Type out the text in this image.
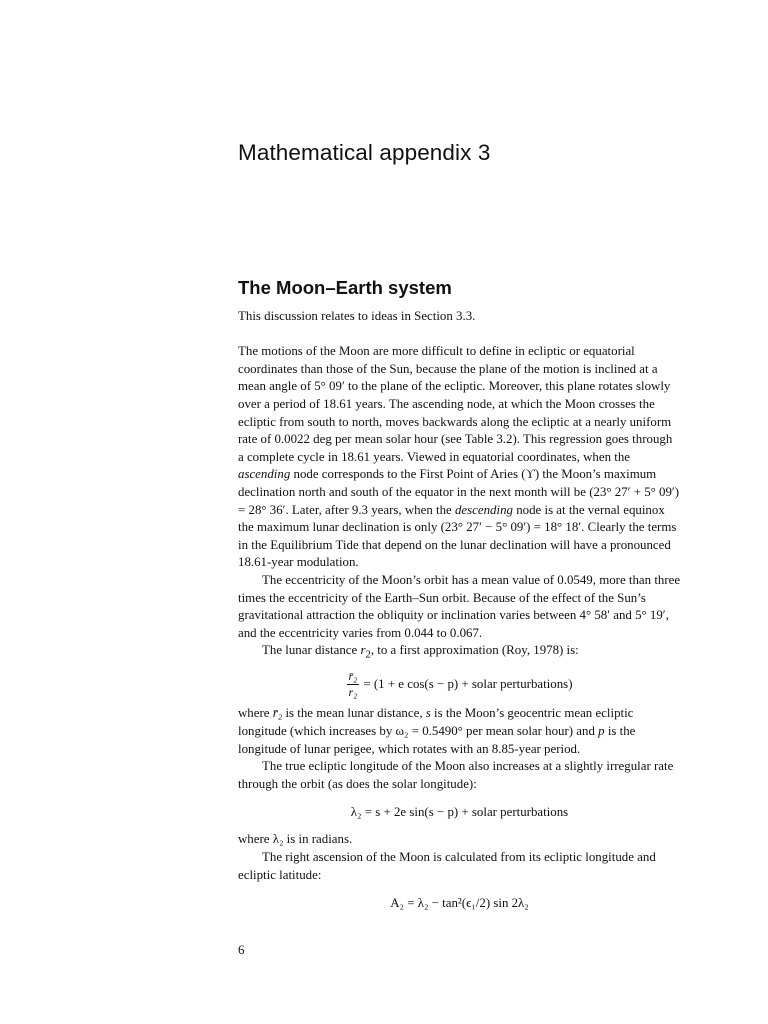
Mathematical appendix 3
The Moon–Earth system

This discussion relates to ideas in Section 3.3.

The motions of the Moon are more difficult to define in ecliptic or equatorial coordinates than those of the Sun, because the plane of the motion is inclined at a mean angle of 5° 09′ to the plane of the ecliptic. Moreover, this plane rotates slowly over a period of 18.61 years. The ascending node, at which the Moon crosses the ecliptic from south to north, moves backwards along the ecliptic at a nearly uniform rate of 0.0022 deg per mean solar hour (see Table 3.2). This regression goes through a complete cycle in 18.61 years. Viewed in equatorial coordinates, when the ascending node corresponds to the First Point of Aries (ϒ) the Moon’s maximum declination north and south of the equator in the next month will be (23° 27′ + 5° 09′) = 28° 36′. Later, after 9.3 years, when the descending node is at the vernal equinox the maximum lunar declination is only (23° 27′ − 5° 09′) = 18° 18′. Clearly the terms in the Equilibrium Tide that depend on the lunar declination will have a pronounced 18.61-year modulation.

The eccentricity of the Moon’s orbit has a mean value of 0.0549, more than three times the eccentricity of the Earth–Sun orbit. Because of the effect of the Sun’s gravitational attraction the obliquity or inclination varies between 4° 58′ and 5° 19′, and the eccentricity varies from 0.044 to 0.067.

The lunar distance $r_2$, to a first approximation (Roy, 1978) is:

$\frac{\text{r̄₂}}{\text{r₂}} = (1 + e$ cos(s − p) + solar perturbations)

where r̄₂ is the mean lunar distance, s is the Moon’s geocentric mean ecliptic longitude (which increases by ω₂ = 0.5490° per mean solar hour) and p is the longitude of lunar perigee, which rotates with an 8.85-year period.

The true ecliptic longitude of the Moon also increases at a slightly irregular rate through the orbit (as does the solar longitude):

λ₂ = s + 2e sin(s − p) + solar perturbations

where λ₂ is in radians.

The right ascension of the Moon is calculated from its ecliptic longitude and ecliptic latitude:

A₂ = λ₂ − tan²(ϵ₁/2) sin 2λ₂
6
